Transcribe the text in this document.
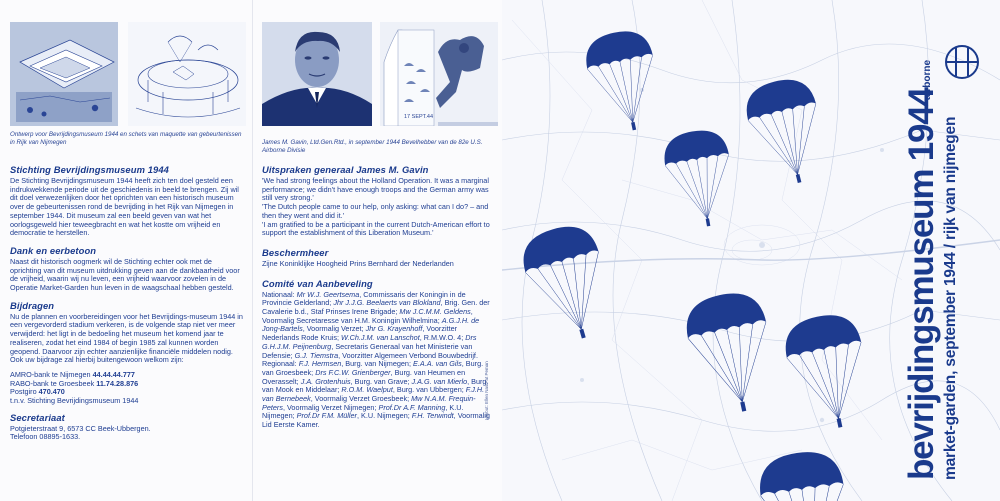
Ontwerp voor Bevrijdingsmuseum 1944 en schets van maquette van gebeurtenissen in Rijk van Nijmegen

Stichting Bevrijdingsmuseum 1944

De Stichting Bevrijdingsmuseum 1944 heeft zich ten doel gesteld een indrukwekkende periode uit de geschiedenis in beeld te brengen. Zij wil dit doel verwezenlijken door het oprichten van een historisch museum over de gebeurtenissen rond de bevrijding in het Rijk van Nijmegen in september 1944. Dit museum zal een beeld geven van wat het oorlogsgeweld hier teweegbracht en wat het kostte om vrijheid en democratie te herstellen.

Dank en eerbetoon

Naast dit historisch oogmerk wil de Stichting echter ook met de oprichting van dit museum uitdrukking geven aan de dankbaarheid voor de vrijheid, waarin wij nu leven, een vrijheid waarvoor zovelen in de Operatie Market-Garden hun leven in de waagschaal hebben gesteld.

Bijdragen

Nu de plannen en voorbereidingen voor het Bevrijdings-museum 1944 in een vergevorderd stadium verkeren, is de volgende stap niet ver meer verwijderd: het ligt in de bedoeling het museum het komend jaar te realiseren, zodat het eind 1984 of begin 1985 zal kunnen worden geopend. Daarvoor zijn echter aanzienlijke financiële middelen nodig. Ook uw bijdrage zal hierbij buitengewoon welkom zijn:

AMRO-bank te Nijmegen 44.44.44.777
RABO-bank te Groesbeek 11.74.28.876
Postgiro 470.470
t.n.v. Stichting Bevrijdingsmuseum 1944
Secretariaat

Potgieterstraat 9, 6573 CC Beek-Ubbergen.

Telefoon 08895-1633.

17 SEPT.44

James M. Gavin, Ltd.Gen.Rtd., in september 1944 Bevelhebber van de 82e U.S. Airborne Divisie

Uitspraken generaal James M. Gavin

'We had strong feelings about the Holland Operation. It was a marginal performance; we didn't have enough troops and the German army was still very strong.'

'The Dutch people came to our help, only asking: what can I do? – and then they went and did it.'

'I am gratified to be a participant in the current Dutch-American effort to support the establishment of this Liberation Museum.'

Beschermheer

Zijne Koninklijke Hoogheid Prins Bernhard der Nederlanden

Comité van Aanbeveling

Nationaal: Mr W.J. Geertsema, Commissaris der Koningin in de Provincie Gelderland; Jhr J.J.G. Beelaerts van Blokland, Brig. Gen. der Cavalerie b.d., Staf Prinses Irene Brigade; Mw J.C.M.M. Geldens, Voormalig Secretaresse van H.M. Koningin Wilhelmina; A.G.J.H. de Jong-Bartels, Voormalig Verzet; Jhr G. Krayenhoff, Voorzitter Nederlands Rode Kruis; W.Ch.J.M. van Lanschot, R.M.W.O. 4; Drs G.H.J.M. Peijnenburg, Secretaris Generaal van het Ministerie van Defensie; G.J. Tiemstra, Voorzitter Algemeen Verbond Bouwbedrijf. Regionaal: F.J. Hermsen, Burg. van Nijmegen; E.A.A. van Gils, Burg. van Groesbeek; Drs F.C.W. Grienberger, Burg. van Heumen en Overasselt; J.A. Grotenhuis, Burg. van Grave; J.A.G. van Mierlo, Burg. van Mook en Middelaar; R.O.M. Waelput, Burg. van Ubbergen; F.J.H. van Bernebeek, Voormalig Verzet Groesbeek; Mw N.A.M. Frequin-Peters, Voormalig Verzet Nijmegen; Prof.Dr A.F. Manning, K.U. Nijmegen; Prof.Dr F.M. Müller, K.U. Nijmegen; F.H. Terwindt, Voormalig Lid Eerste Kamer.

Layout: Ellen Nas/Pat Peman	bevrijdingsmuseum 1944 market-garden, september 1944 / rijk van nijmegen
airborne
